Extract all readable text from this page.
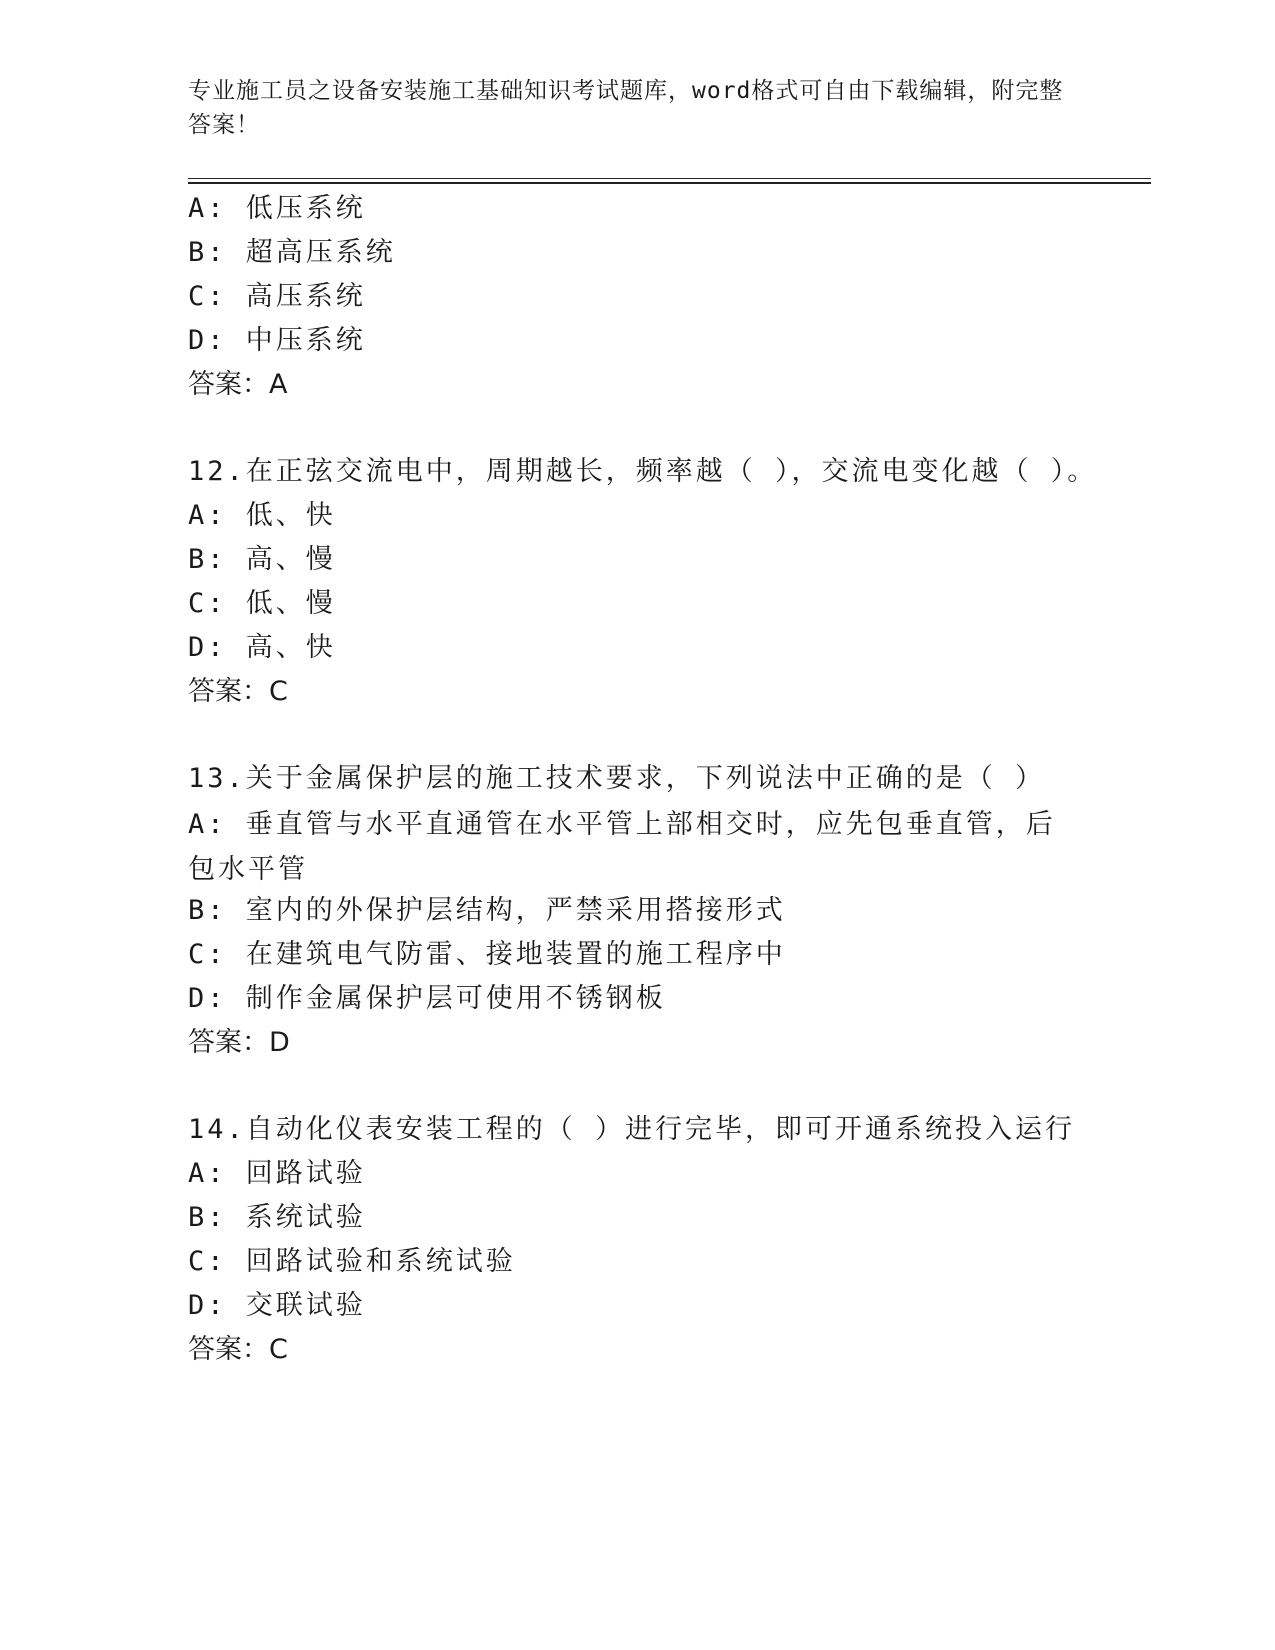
专业施工员之设备安装施工基础知识考试题库，word格式可自由下载编辑，附完整答案！
A: 低压系统
B: 超高压系统
C: 高压系统
D: 中压系统
答案：A
12.在正弦交流电中，周期越长，频率越（ ），交流电变化越（ ）。
A: 低、快
B: 高、慢
C: 低、慢
D: 高、快
答案：C
13.关于金属保护层的施工技术要求，下列说法中正确的是（ ）
A: 垂直管与水平直通管在水平管上部相交时，应先包垂直管，后包水平管
B: 室内的外保护层结构，严禁采用搭接形式
C: 在建筑电气防雷、接地装置的施工程序中
D: 制作金属保护层可使用不锈钢板
答案：D
14.自动化仪表安装工程的（ ）进行完毕，即可开通系统投入运行
A: 回路试验
B: 系统试验
C: 回路试验和系统试验
D: 交联试验
答案：C
